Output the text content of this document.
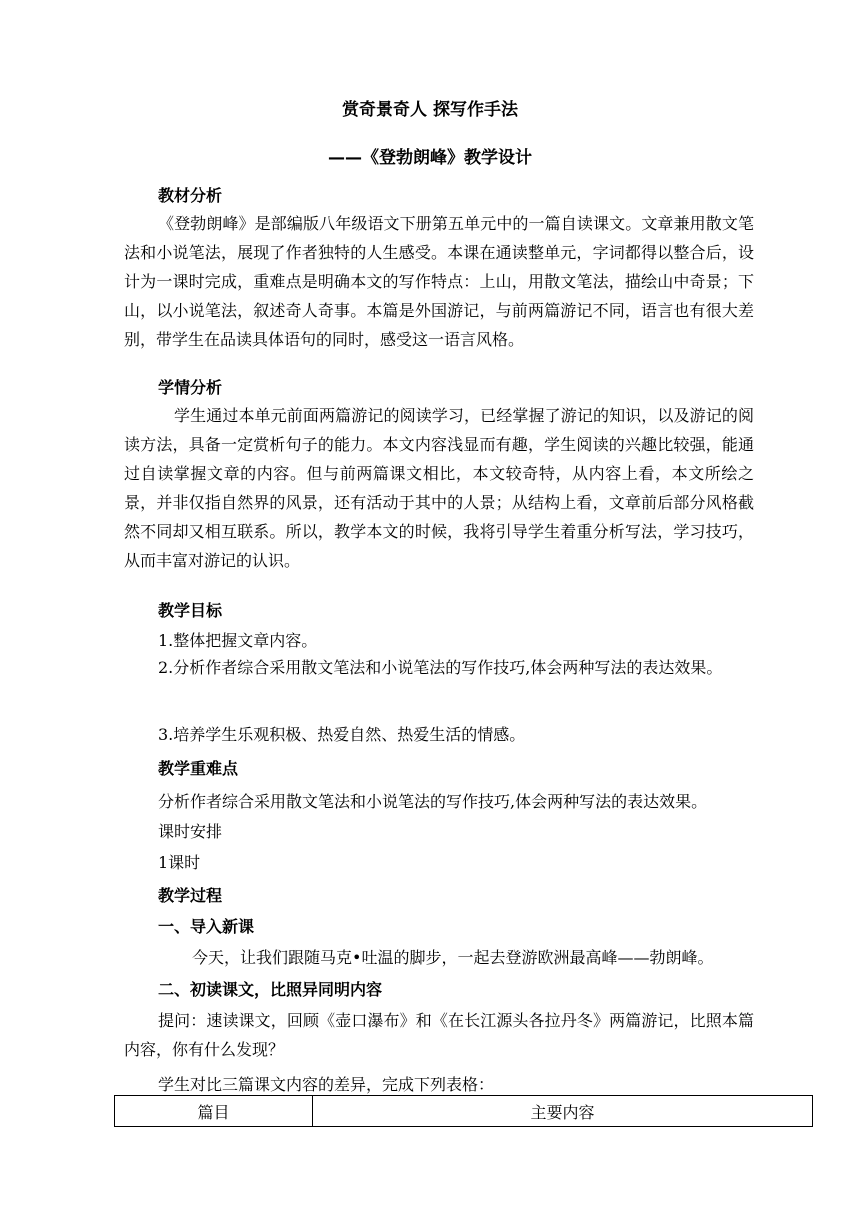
赏奇景奇人 探写作手法
——《登勃朗峰》教学设计
教材分析
《登勃朗峰》是部编版八年级语文下册第五单元中的一篇自读课文。文章兼用散文笔法和小说笔法，展现了作者独特的人生感受。本课在通读整单元，字词都得以整合后，设计为一课时完成，重难点是明确本文的写作特点：上山，用散文笔法，描绘山中奇景；下山，以小说笔法，叙述奇人奇事。本篇是外国游记，与前两篇游记不同，语言也有很大差别，带学生在品读具体语句的同时，感受这一语言风格。
学情分析
学生通过本单元前面两篇游记的阅读学习，已经掌握了游记的知识，以及游记的阅读方法，具备一定赏析句子的能力。本文内容浅显而有趣，学生阅读的兴趣比较强，能通过自读掌握文章的内容。但与前两篇课文相比，本文较奇特，从内容上看，本文所绘之景，并非仅指自然界的风景，还有活动于其中的人景；从结构上看，文章前后部分风格截然不同却又相互联系。所以，教学本文的时候，我将引导学生着重分析写法，学习技巧，从而丰富对游记的认识。
教学目标
1.整体把握文章内容。
2.分析作者综合采用散文笔法和小说笔法的写作技巧,体会两种写法的表达效果。
3.培养学生乐观积极、热爱自然、热爱生活的情感。
教学重难点
分析作者综合采用散文笔法和小说笔法的写作技巧,体会两种写法的表达效果。
课时安排
1课时
教学过程
一、导入新课
今天，让我们跟随马克•吐温的脚步，一起去登游欧洲最高峰——勃朗峰。
二、初读课文，比照异同明内容
提问：速读课文，回顾《壶口瀑布》和《在长江源头各拉丹冬》两篇游记，比照本篇内容，你有什么发现？
学生对比三篇课文内容的差异，完成下列表格：
篇目	主要内容
